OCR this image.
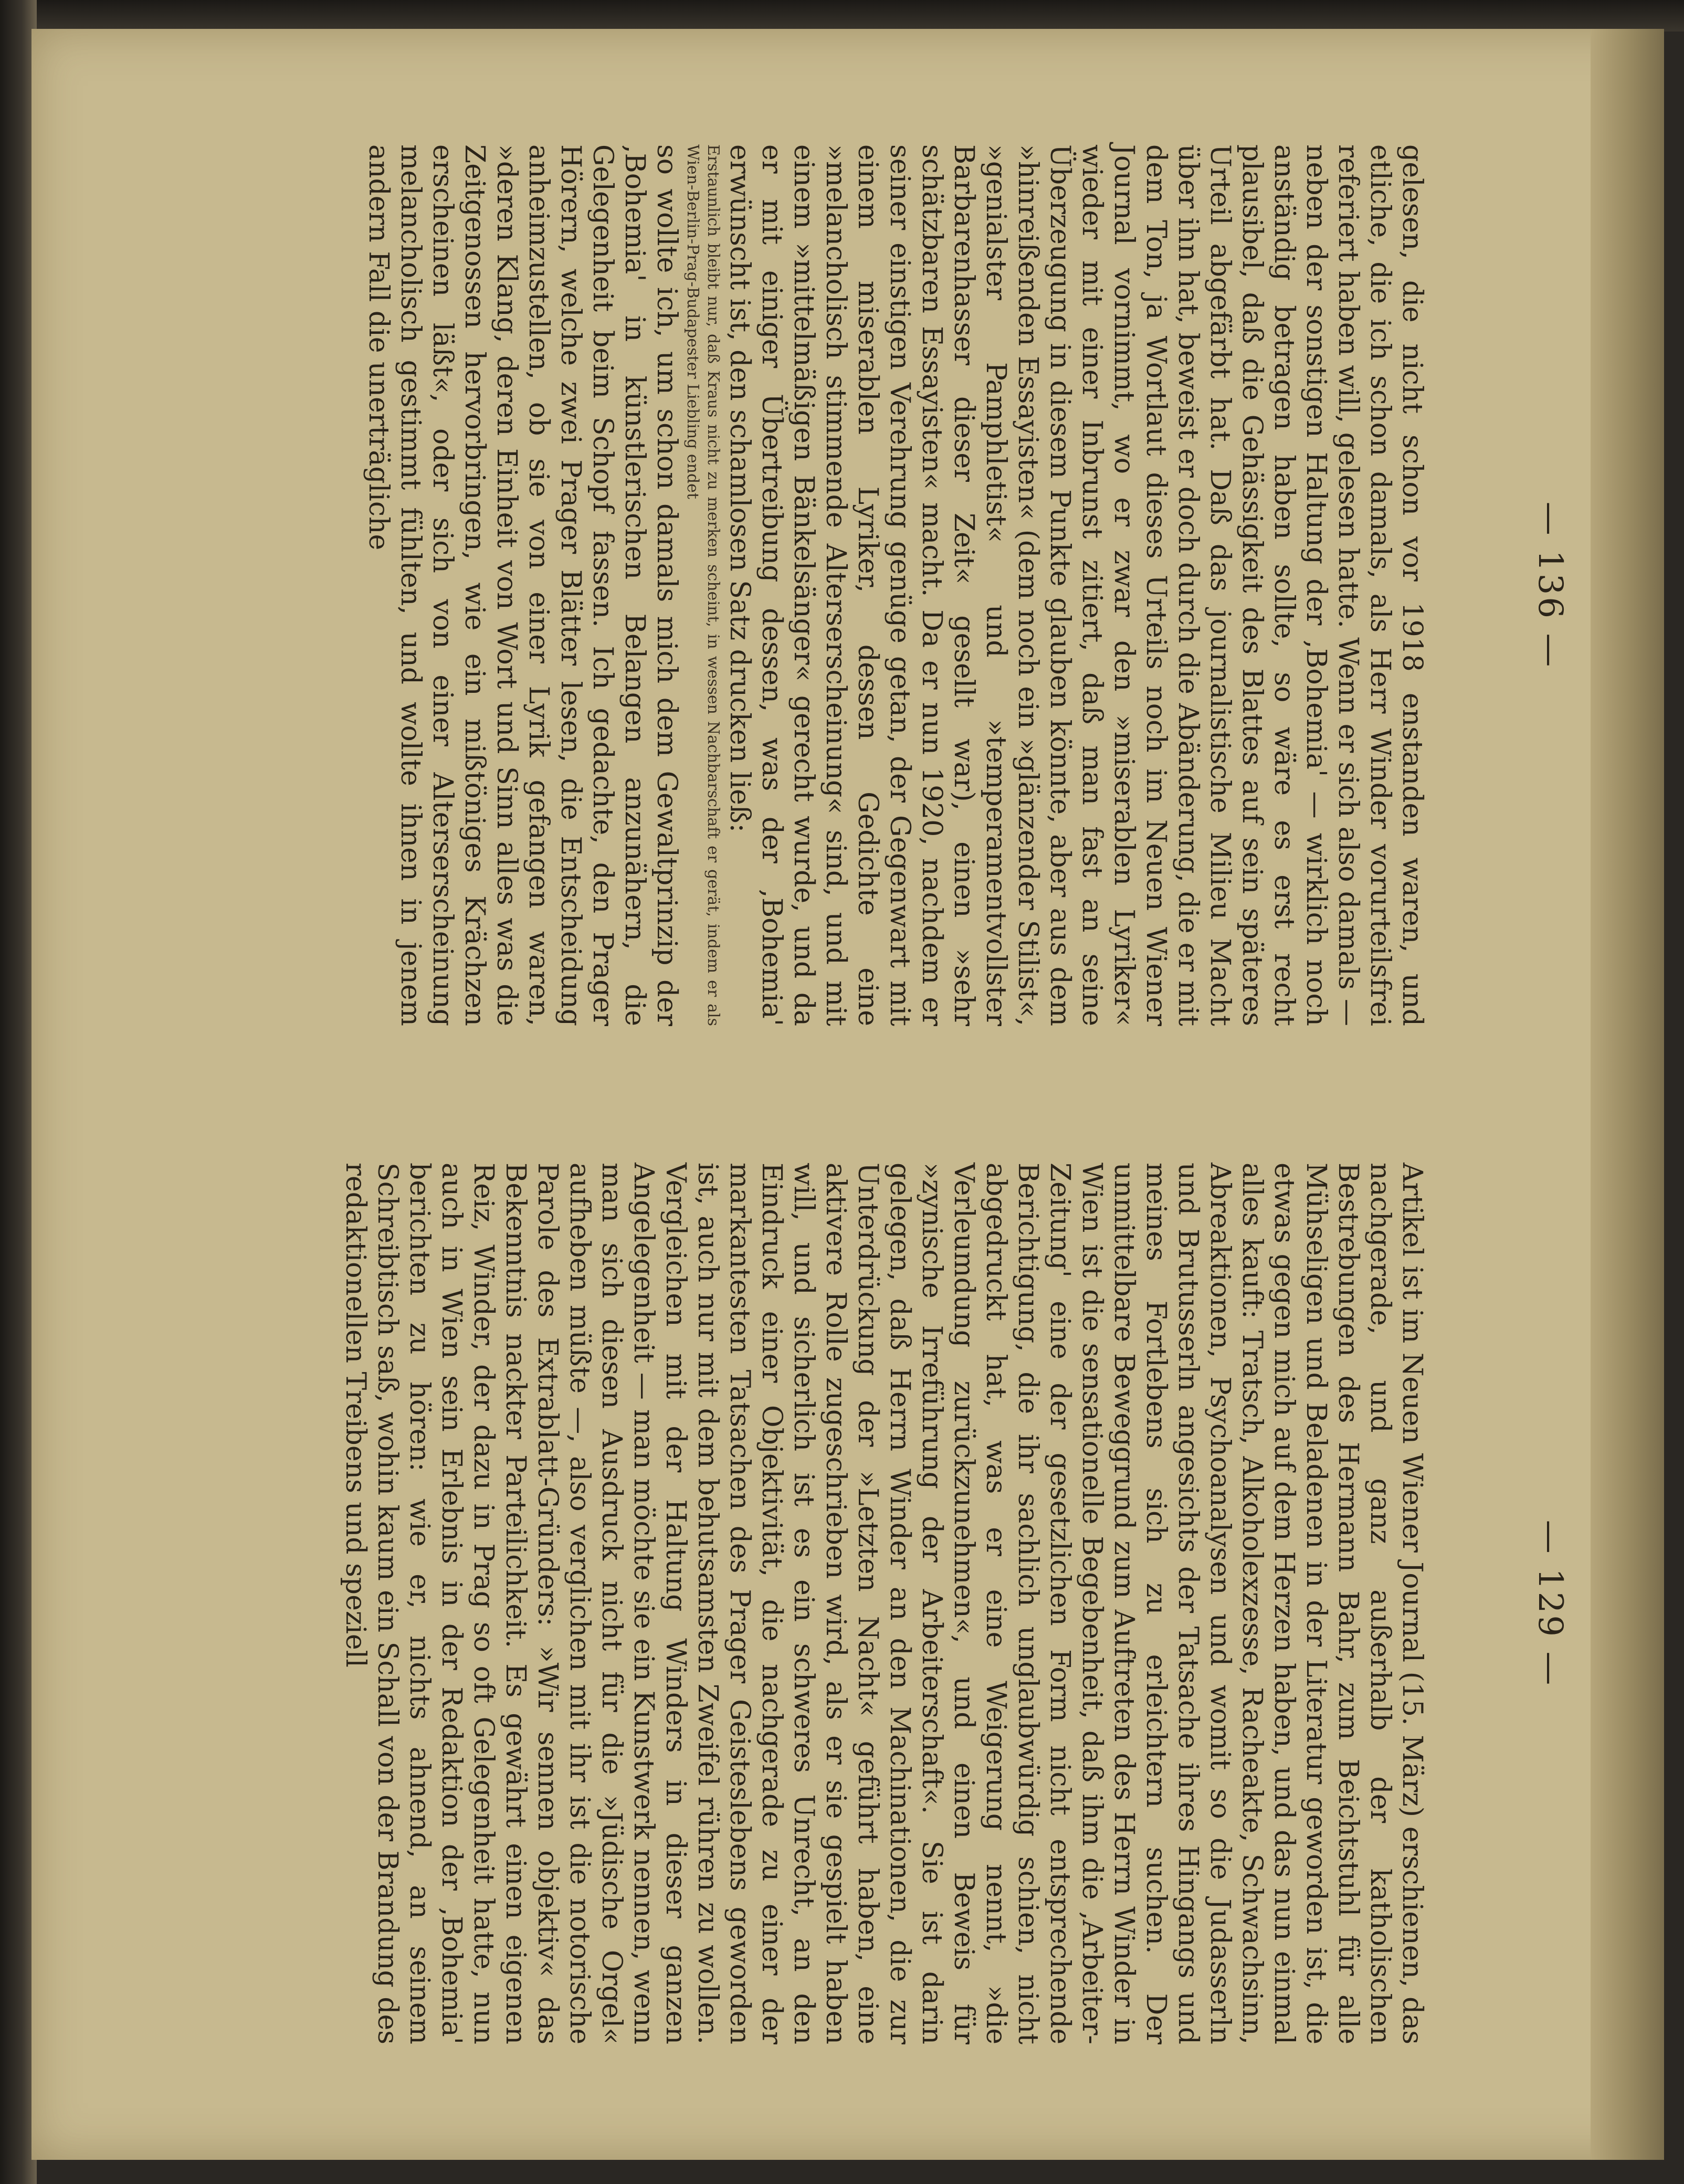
— 136 —

gelesen, die nicht schon vor 1918 enstanden waren, und etliche, die ich schon damals, als Herr Winder vorurteilsfrei referiert haben will, gelesen hatte. Wenn er sich also damals — neben der sonstigen Haltung der ‚Bohemia' — wirklich noch anständig betragen haben sollte, so wäre es erst recht plausibel, daß die Gehässigkeit des Blattes auf sein späteres Urteil abgefärbt hat. Daß das journalistische Milieu Macht über ihn hat, beweist er doch durch die Abänderung, die er mit dem Ton, ja Wortlaut dieses Urteils noch im Neuen Wiener Journal vornimmt, wo er zwar den »miserablen Lyriker« wieder mit einer Inbrunst zitiert, daß man fast an seine Überzeugung in diesem Punkte glauben könnte, aber aus dem »hinreißenden Essayisten« (dem noch ein »glänzender Stilist«, »genialster Pamphletist« und »temperamentvollster Barbarenhasser dieser Zeit« gesellt war), einen »sehr schätzbaren Essayisten« macht. Da er nun 1920, nachdem er seiner einstigen Verehrung genüge getan, der Gegenwart mit einem miserablen Lyriker, dessen Gedichte eine »melancholisch stimmende Alterserscheinung« sind, und mit einem »mittelmäßigen Bänkelsänger« gerecht wurde, und da er mit einiger Übertreibung dessen, was der ‚Bohemia' erwünscht ist, den schamlosen Satz drucken ließ:

Erstaunlich bleibt nur, daß Kraus nicht zu merken scheint, in wessen Nachbarschaft er gerät, indem er als Wien-Berlin-Prag-Budapester Liebling endet

so wollte ich, um schon damals mich dem Gewaltprinzip der ‚Bohemia' in künstlerischen Belangen anzunähern, die Gelegenheit beim Schopf fassen. Ich gedachte, den Prager Hörern, welche zwei Prager Blätter lesen, die Entscheidung anheimzustellen, ob sie von einer Lyrik gefangen waren, »deren Klang, deren Einheit von Wort und Sinn alles was die Zeitgenossen hervorbringen, wie ein mißtöniges Krächzen erscheinen läßt«, oder sich von einer Alterserscheinung melancholisch gestimmt fühlten, und wollte ihnen in jenem andern Fall die unerträgliche

— 129 —

Artikel ist im Neuen Wiener Journal (15. März) erschienen, das nachgerade, und ganz außerhalb der katholischen Bestrebungen des Hermann Bahr, zum Beichtstuhl für alle Mühseligen und Beladenen in der Literatur geworden ist, die etwas gegen mich auf dem Herzen haben, und das nun einmal alles kauft: Tratsch, Alkoholexzesse, Racheakte, Schwachsinn, Abreaktionen, Psychoanalysen und womit so die Judasserln und Brutusserln angesichts der Tatsache ihres Hingangs und meines Fortlebens sich zu erleichtern suchen. Der unmittelbare Beweggrund zum Auftreten des Herrn Winder in Wien ist die sensationelle Begebenheit, daß ihm die ‚Arbeiter-Zeitung' eine der gesetzlichen Form nicht entsprechende Berichtigung, die ihr sachlich unglaubwürdig schien, nicht abgedruckt hat, was er eine Weigerung nennt, »die Verleumdung zurückzunehmen«, und einen Beweis für »zynische Irreführung der Arbeiterschaft«. Sie ist darin gelegen, daß Herrn Winder an den Machinationen, die zur Unterdrückung der »Letzten Nacht« geführt haben, eine aktivere Rolle zugeschrieben wird, als er sie gespielt haben will, und sicherlich ist es ein schweres Unrecht, an den Eindruck einer Objektivität, die nachgerade zu einer der markantesten Tatsachen des Prager Geisteslebens geworden ist, auch nur mit dem behutsamsten Zweifel rühren zu wollen. Vergleichen mit der Haltung Winders in dieser ganzen Angelegenheit — man möchte sie ein Kunstwerk nennen, wenn man sich diesen Ausdruck nicht für die »Jüdische Orgel« aufheben müßte —, also verglichen mit ihr ist die notorische Parole des Extrablatt-Gründers: »Wir sennen objektiv« das Bekenntnis nackter Parteilichkeit. Es gewährt einen eigenen Reiz, Winder, der dazu in Prag so oft Gelegenheit hatte, nun auch in Wien sein Erlebnis in der Redaktion der ‚Bohemia' berichten zu hören: wie er, nichts ahnend, an seinem Schreibtisch saß, wohin kaum ein Schall von der Brandung des redaktionellen Treibens und speziell
